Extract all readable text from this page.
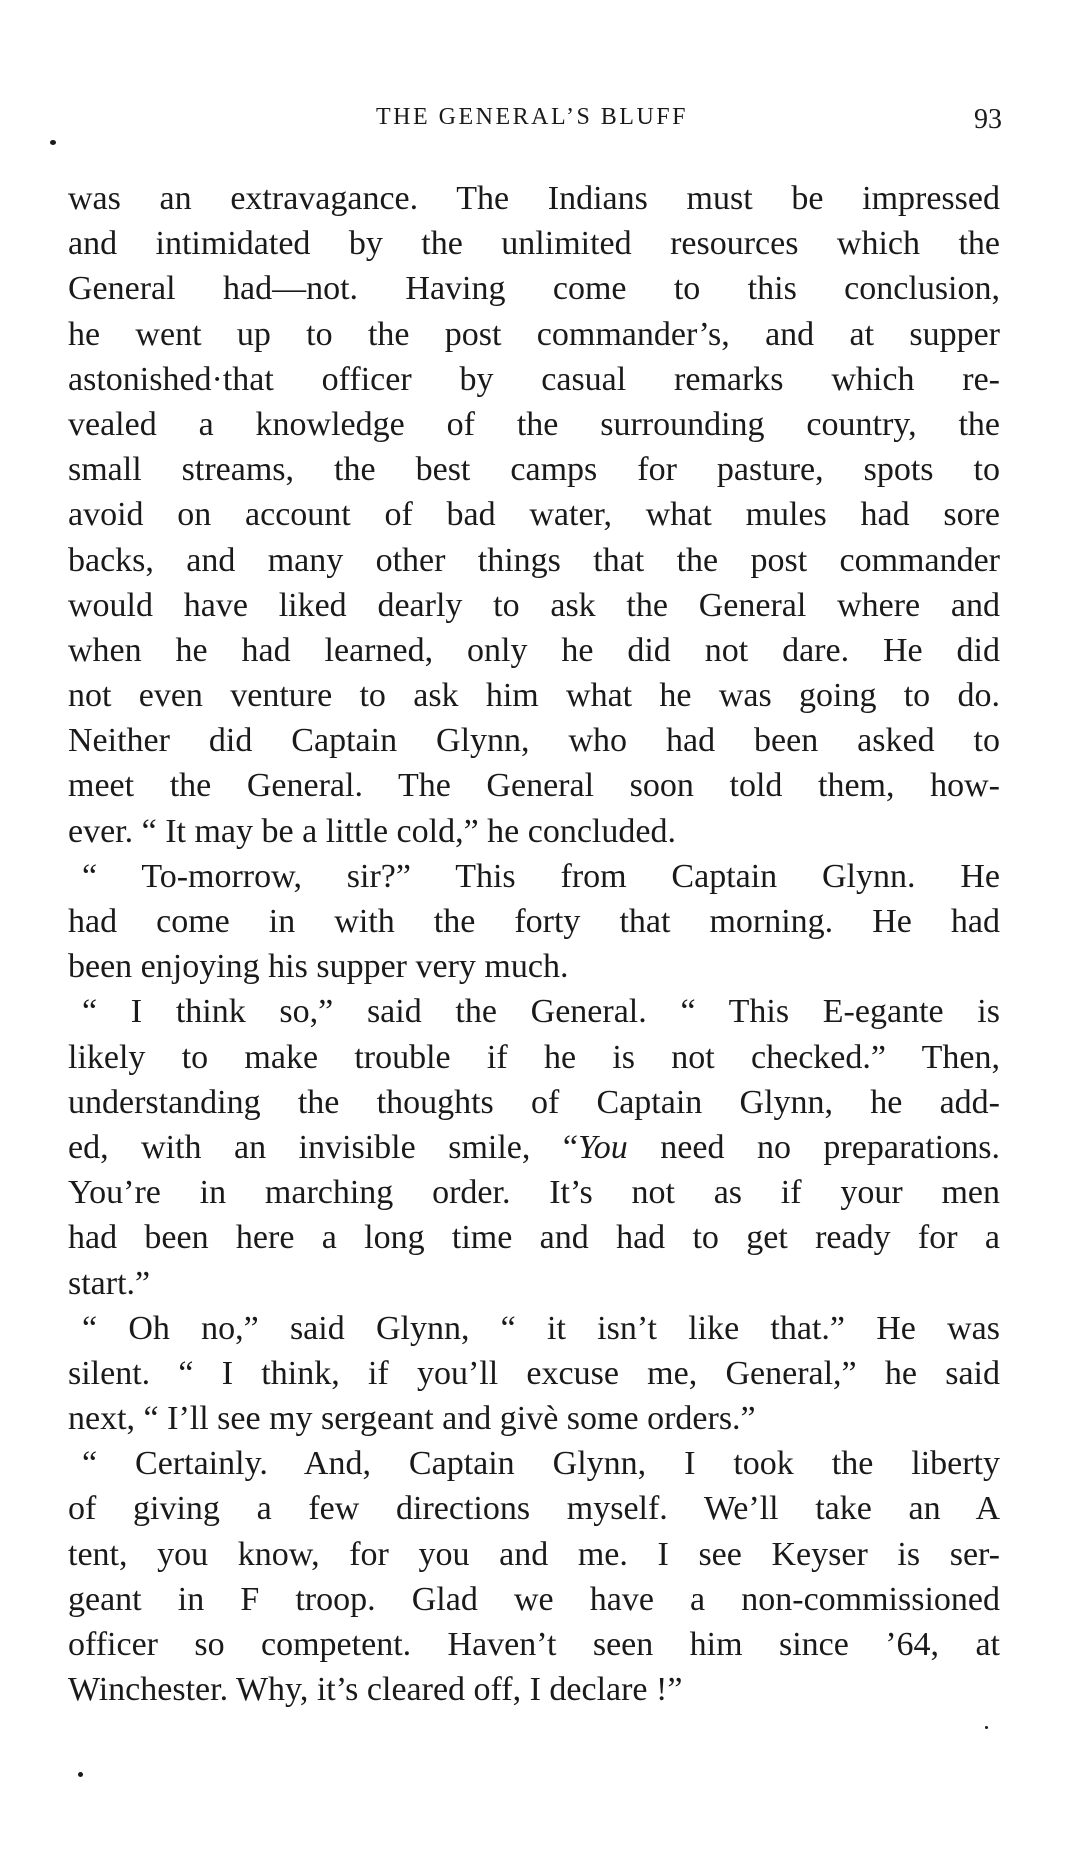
THE GENERAL’S BLUFF	93
was an extravagance. The Indians must be impressed
and intimidated by the unlimited resources which the
General had—not. Having come to this conclusion,
he went up to the post commander’s, and at supper
astonished·that officer by casual remarks which re-
vealed a knowledge of the surrounding country, the
small streams, the best camps for pasture, spots to
avoid on account of bad water, what mules had sore
backs, and many other things that the post commander
would have liked dearly to ask the General where and
when he had learned, only he did not dare. He did
not even venture to ask him what he was going to do.
Neither did Captain Glynn, who had been asked to
meet the General. The General soon told them, how-
ever. “ It may be a little cold,” he concluded.
“ To-morrow, sir?” This from Captain Glynn. He
had come in with the forty that morning. He had
been enjoying his supper very much.
“ I think so,” said the General. “ This E-egante is
likely to make trouble if he is not checked.” Then,
understanding the thoughts of Captain Glynn, he add-
ed, with an invisible smile, “You need no preparations.
You’re in marching order. It’s not as if your men
had been here a long time and had to get ready for a
start.”
“ Oh no,” said Glynn, “ it isn’t like that.” He was
silent. “ I think, if you’ll excuse me, General,” he said
next, “ I’ll see my sergeant and givè some orders.”
“ Certainly. And, Captain Glynn, I took the liberty
of giving a few directions myself. We’ll take an A
tent, you know, for you and me. I see Keyser is ser-
geant in F troop. Glad we have a non-commissioned
officer so competent. Haven’t seen him since ’64, at
Winchester. Why, it’s cleared off, I declare !”
